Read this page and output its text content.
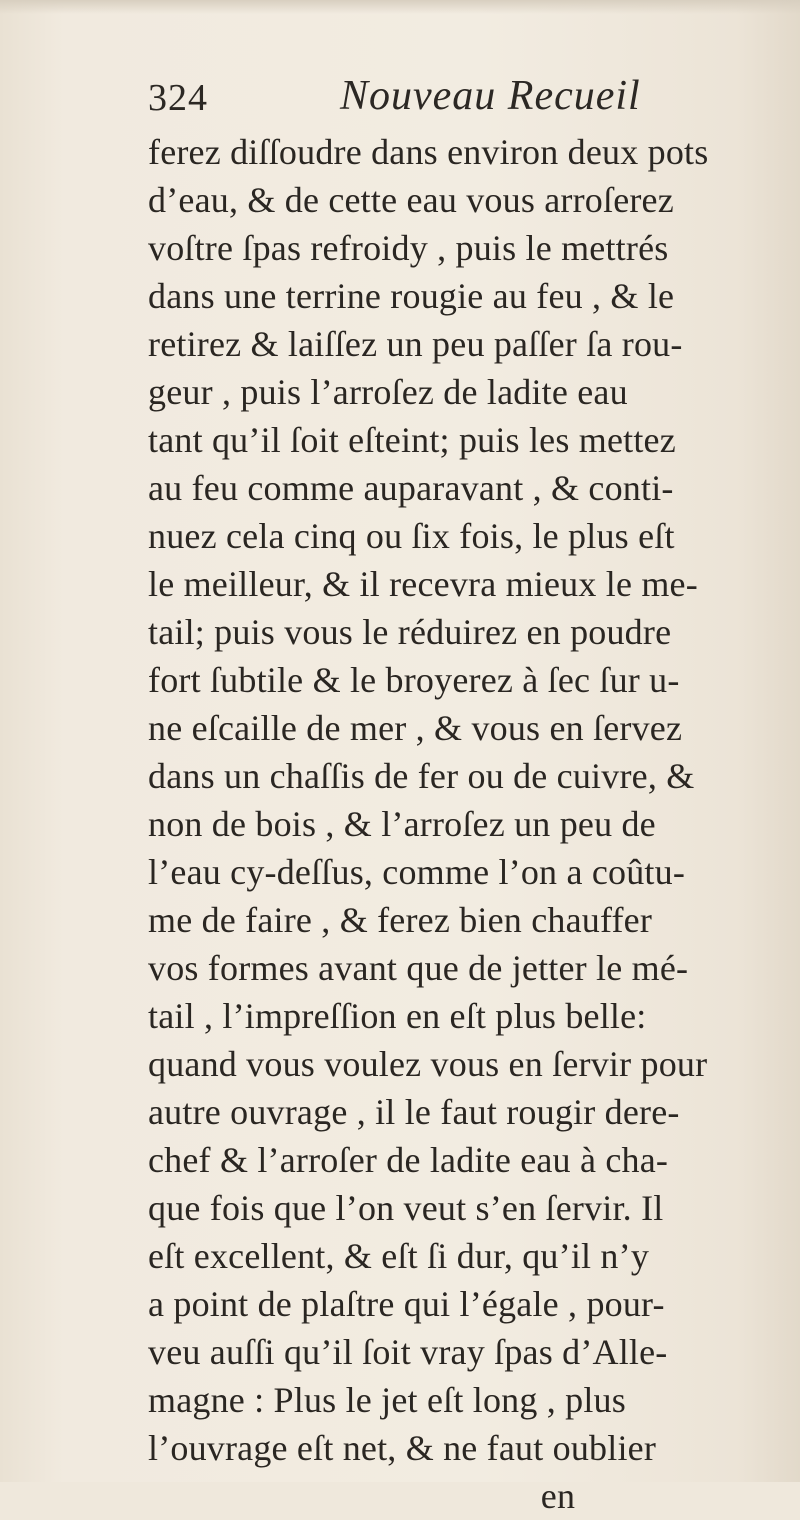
324	Nouveau Recueil
ferez diſſoudre dans environ deux pots
d’eau, & de cette eau vous arroſerez
voſtre ſpas refroidy , puis le mettrés
dans une terrine rougie au feu , & le
retirez & laiſſez un peu paſſer ſa rou-
geur , puis l’arroſez de ladite eau
tant qu’il ſoit eſteint; puis les mettez
au feu comme auparavant , & conti-
nuez cela cinq ou ſix fois, le plus eſt
le meilleur, & il recevra mieux le me-
tail; puis vous le réduirez en poudre
fort ſubtile & le broyerez à ſec ſur u-
ne eſcaille de mer , & vous en ſervez
dans un chaſſis de fer ou de cuivre, &
non de bois , & l’arroſez un peu de
l’eau cy-deſſus, comme l’on a coûtu-
me de faire , & ferez bien chauffer
vos formes avant que de jetter le mé-
tail , l’impreſſion en eſt plus belle:
quand vous voulez vous en ſervir pour
autre ouvrage , il le faut rougir dere-
chef & l’arroſer de ladite eau à cha-
que fois que l’on veut s’en ſervir. Il
eſt excellent, & eſt ſi dur, qu’il n’y
a point de plaſtre qui l’égale , pour-
veu auſſi qu’il ſoit vray ſpas d’Alle-
magne : Plus le jet eſt long , plus
l’ouvrage eſt net, & ne faut oublier
en
